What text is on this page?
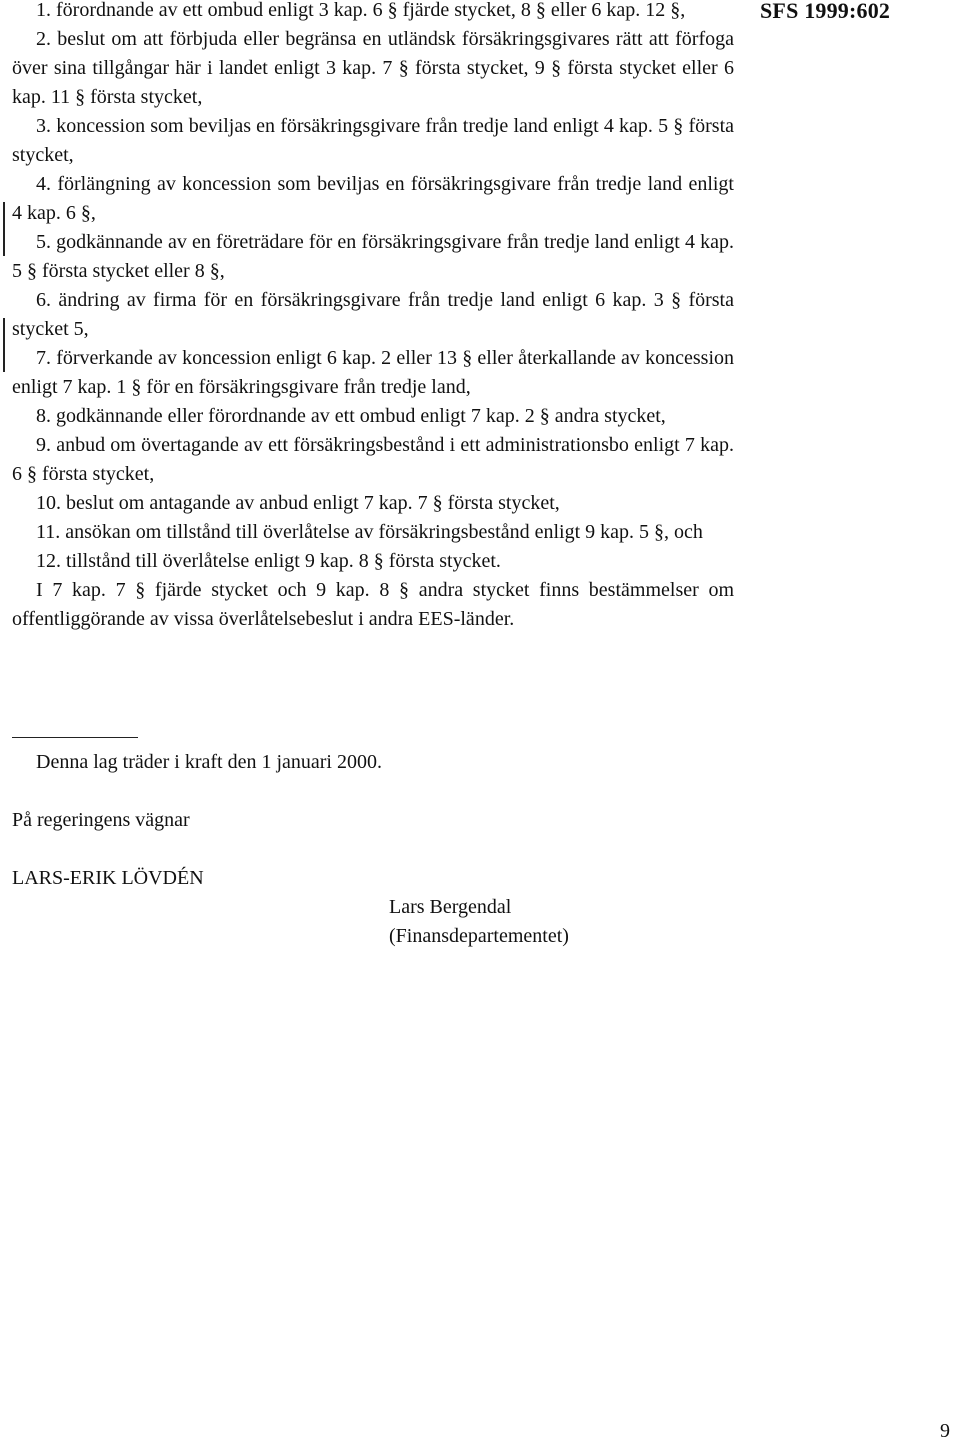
SFS 1999:602

1. förordnande av ett ombud enligt 3 kap. 6 § fjärde stycket, 8 § eller 6 kap. 12 §,

2. beslut om att förbjuda eller begränsa en utländsk försäkringsgivares rätt att förfoga över sina tillgångar här i landet enligt 3 kap. 7 § första stycket, 9 § första stycket eller 6 kap. 11 § första stycket,

3. koncession som beviljas en försäkringsgivare från tredje land enligt 4 kap. 5 § första stycket,

4. förlängning av koncession som beviljas en försäkringsgivare från tredje land enligt 4 kap. 6 §,

5. godkännande av en företrädare för en försäkringsgivare från tredje land enligt 4 kap. 5 § första stycket eller 8 §,

6. ändring av firma för en försäkringsgivare från tredje land enligt 6 kap. 3 § första stycket 5,

7. förverkande av koncession enligt 6 kap. 2 eller 13 § eller återkallande av koncession enligt 7 kap. 1 § för en försäkringsgivare från tredje land,

8. godkännande eller förordnande av ett ombud enligt 7 kap. 2 § andra stycket,

9. anbud om övertagande av ett försäkringsbestånd i ett administrationsbo enligt 7 kap. 6 § första stycket,

10. beslut om antagande av anbud enligt 7 kap. 7 § första stycket,

11. ansökan om tillstånd till överlåtelse av försäkringsbestånd enligt 9 kap. 5 §, och

12. tillstånd till överlåtelse enligt 9 kap. 8 § första stycket.

I 7 kap. 7 § fjärde stycket och 9 kap. 8 § andra stycket finns bestämmelser om offentliggörande av vissa överlåtelsebeslut i andra EES-länder.

Denna lag träder i kraft den 1 januari 2000.
På regeringens vägnar
LARS-ERIK LÖVDÉN
Lars Bergendal
(Finansdepartementet)
9
